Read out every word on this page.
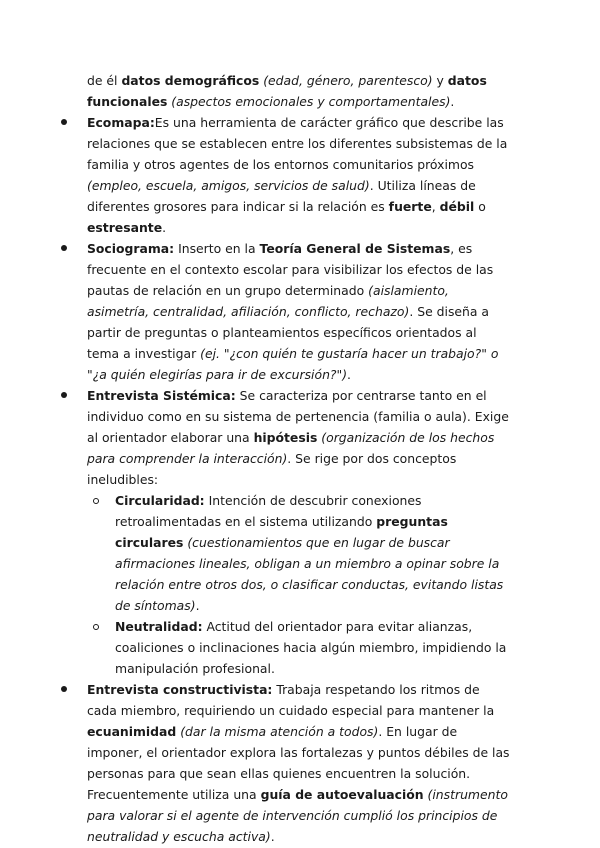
de él datos demográficos (edad, género, parentesco) y datos funcionales (aspectos emocionales y comportamentales).

Ecomapa:Es una herramienta de carácter gráfico que describe las relaciones que se establecen entre los diferentes subsistemas de la familia y otros agentes de los entornos comunitarios próximos (empleo, escuela, amigos, servicios de salud). Utiliza líneas de diferentes grosores para indicar si la relación es fuerte, débil o estresante.
Sociograma: Inserto en la Teoría General de Sistemas, es frecuente en el contexto escolar para visibilizar los efectos de las pautas de relación en un grupo determinado (aislamiento, asimetría, centralidad, afiliación, conflicto, rechazo). Se diseña a partir de preguntas o planteamientos específicos orientados al tema a investigar (ej. "¿con quién te gustaría hacer un trabajo?" o "¿a quién elegirías para ir de excursión?").
Entrevista Sistémica: Se caracteriza por centrarse tanto en el individuo como en su sistema de pertenencia (familia o aula). Exige al orientador elaborar una hipótesis (organización de los hechos para comprender la interacción). Se rige por dos conceptos ineludibles:
Circularidad: Intención de descubrir conexiones retroalimentadas en el sistema utilizando preguntas circulares (cuestionamientos que en lugar de buscar afirmaciones lineales, obligan a un miembro a opinar sobre la relación entre otros dos, o clasificar conductas, evitando listas de síntomas).
Neutralidad: Actitud del orientador para evitar alianzas, coaliciones o inclinaciones hacia algún miembro, impidiendo la manipulación profesional.
Entrevista constructivista: Trabaja respetando los ritmos de cada miembro, requiriendo un cuidado especial para mantener la ecuanimidad (dar la misma atención a todos). En lugar de imponer, el orientador explora las fortalezas y puntos débiles de las personas para que sean ellas quienes encuentren la solución. Frecuentemente utiliza una guía de autoevaluación (instrumento para valorar si el agente de intervención cumplió los principios de neutralidad y escucha activa).
